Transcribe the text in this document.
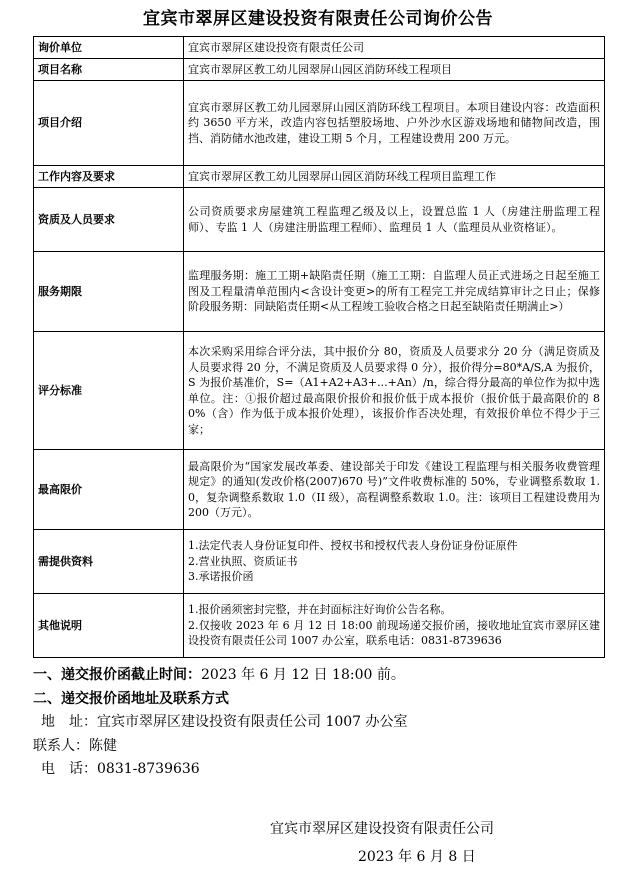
宜宾市翠屏区建设投资有限责任公司询价公告
询价单位	宜宾市翠屏区建设投资有限责任公司

项目名称	宜宾市翠屏区教工幼儿园翠屏山园区消防环线工程项目

项目介绍	宜宾市翠屏区教工幼儿园翠屏山园区消防环线工程项目。本项目建设内容：改造面积约 3650 平方米，改造内容包括塑胶场地、户外沙水区游戏场地和储物间改造，围挡、消防储水池改建，建设工期 5 个月，工程建设费用 200 万元。

工作内容及要求	宜宾市翠屏区教工幼儿园翠屏山园区消防环线工程项目监理工作

资质及人员要求	公司资质要求房屋建筑工程监理乙级及以上，设置总监 1 人（房建注册监理工程师）、专监 1 人（房建注册监理工程师）、监理员 1 人（监理员从业资格证）。

服务期限	监理服务期：施工工期+缺陷责任期（施工工期：自监理人员正式进场之日起至施工图及工程量清单范围内<含设计变更>的所有工程完工并完成结算审计之日止；保修阶段服务期：同缺陷责任期<从工程竣工验收合格之日起至缺陷责任期满止>）

评分标准	本次采购采用综合评分法，其中报价分 80，资质及人员要求分 20 分（满足资质及人员要求得 20 分，不满足资质及人员要求得 0 分），报价得分=80*A/S,A 为报价，S 为报价基准价，S=（A1+A2+A3+...+An）/n，综合得分最高的单位作为拟中选单位。注：①报价超过最高限价报价和报价低于成本报价（报价低于最高限价的 80%（含）作为低于成本报价处理），该报价作否决处理，有效报价单位不得少于三家；

最高限价	最高限价为“国家发展改革委、建设部关于印发《建设工程监理与相关服务收费管理规定》的通知(发改价格(2007)670 号)”文件收费标准的 50%，专业调整系数取 1.0，复杂调整系数取 1.0（II 级），高程调整系数取 1.0。注：该项目工程建设费用为 200（万元）。

需提供资料	1.法定代表人身份证复印件、授权书和授权代表人身份证身份证原件

2.营业执照、资质证书

3.承诺报价函

其他说明	1.报价函须密封完整，并在封面标注好询价公告名称。

2.仅接收 2023 年 6 月 12 日 18:00 前现场递交报价函，接收地址宜宾市翠屏区建设投资有限责任公司 1007 办公室，联系电话：0831-8739636

一、递交报价函截止时间：2023 年 6 月 12 日 18:00 前。
二、递交报价函地址及联系方式
地　址：宜宾市翠屏区建设投资有限责任公司 1007 办公室
联系人：陈健
电　话：0831-8739636
宜宾市翠屏区建设投资有限责任公司
2023 年 6 月 8 日
